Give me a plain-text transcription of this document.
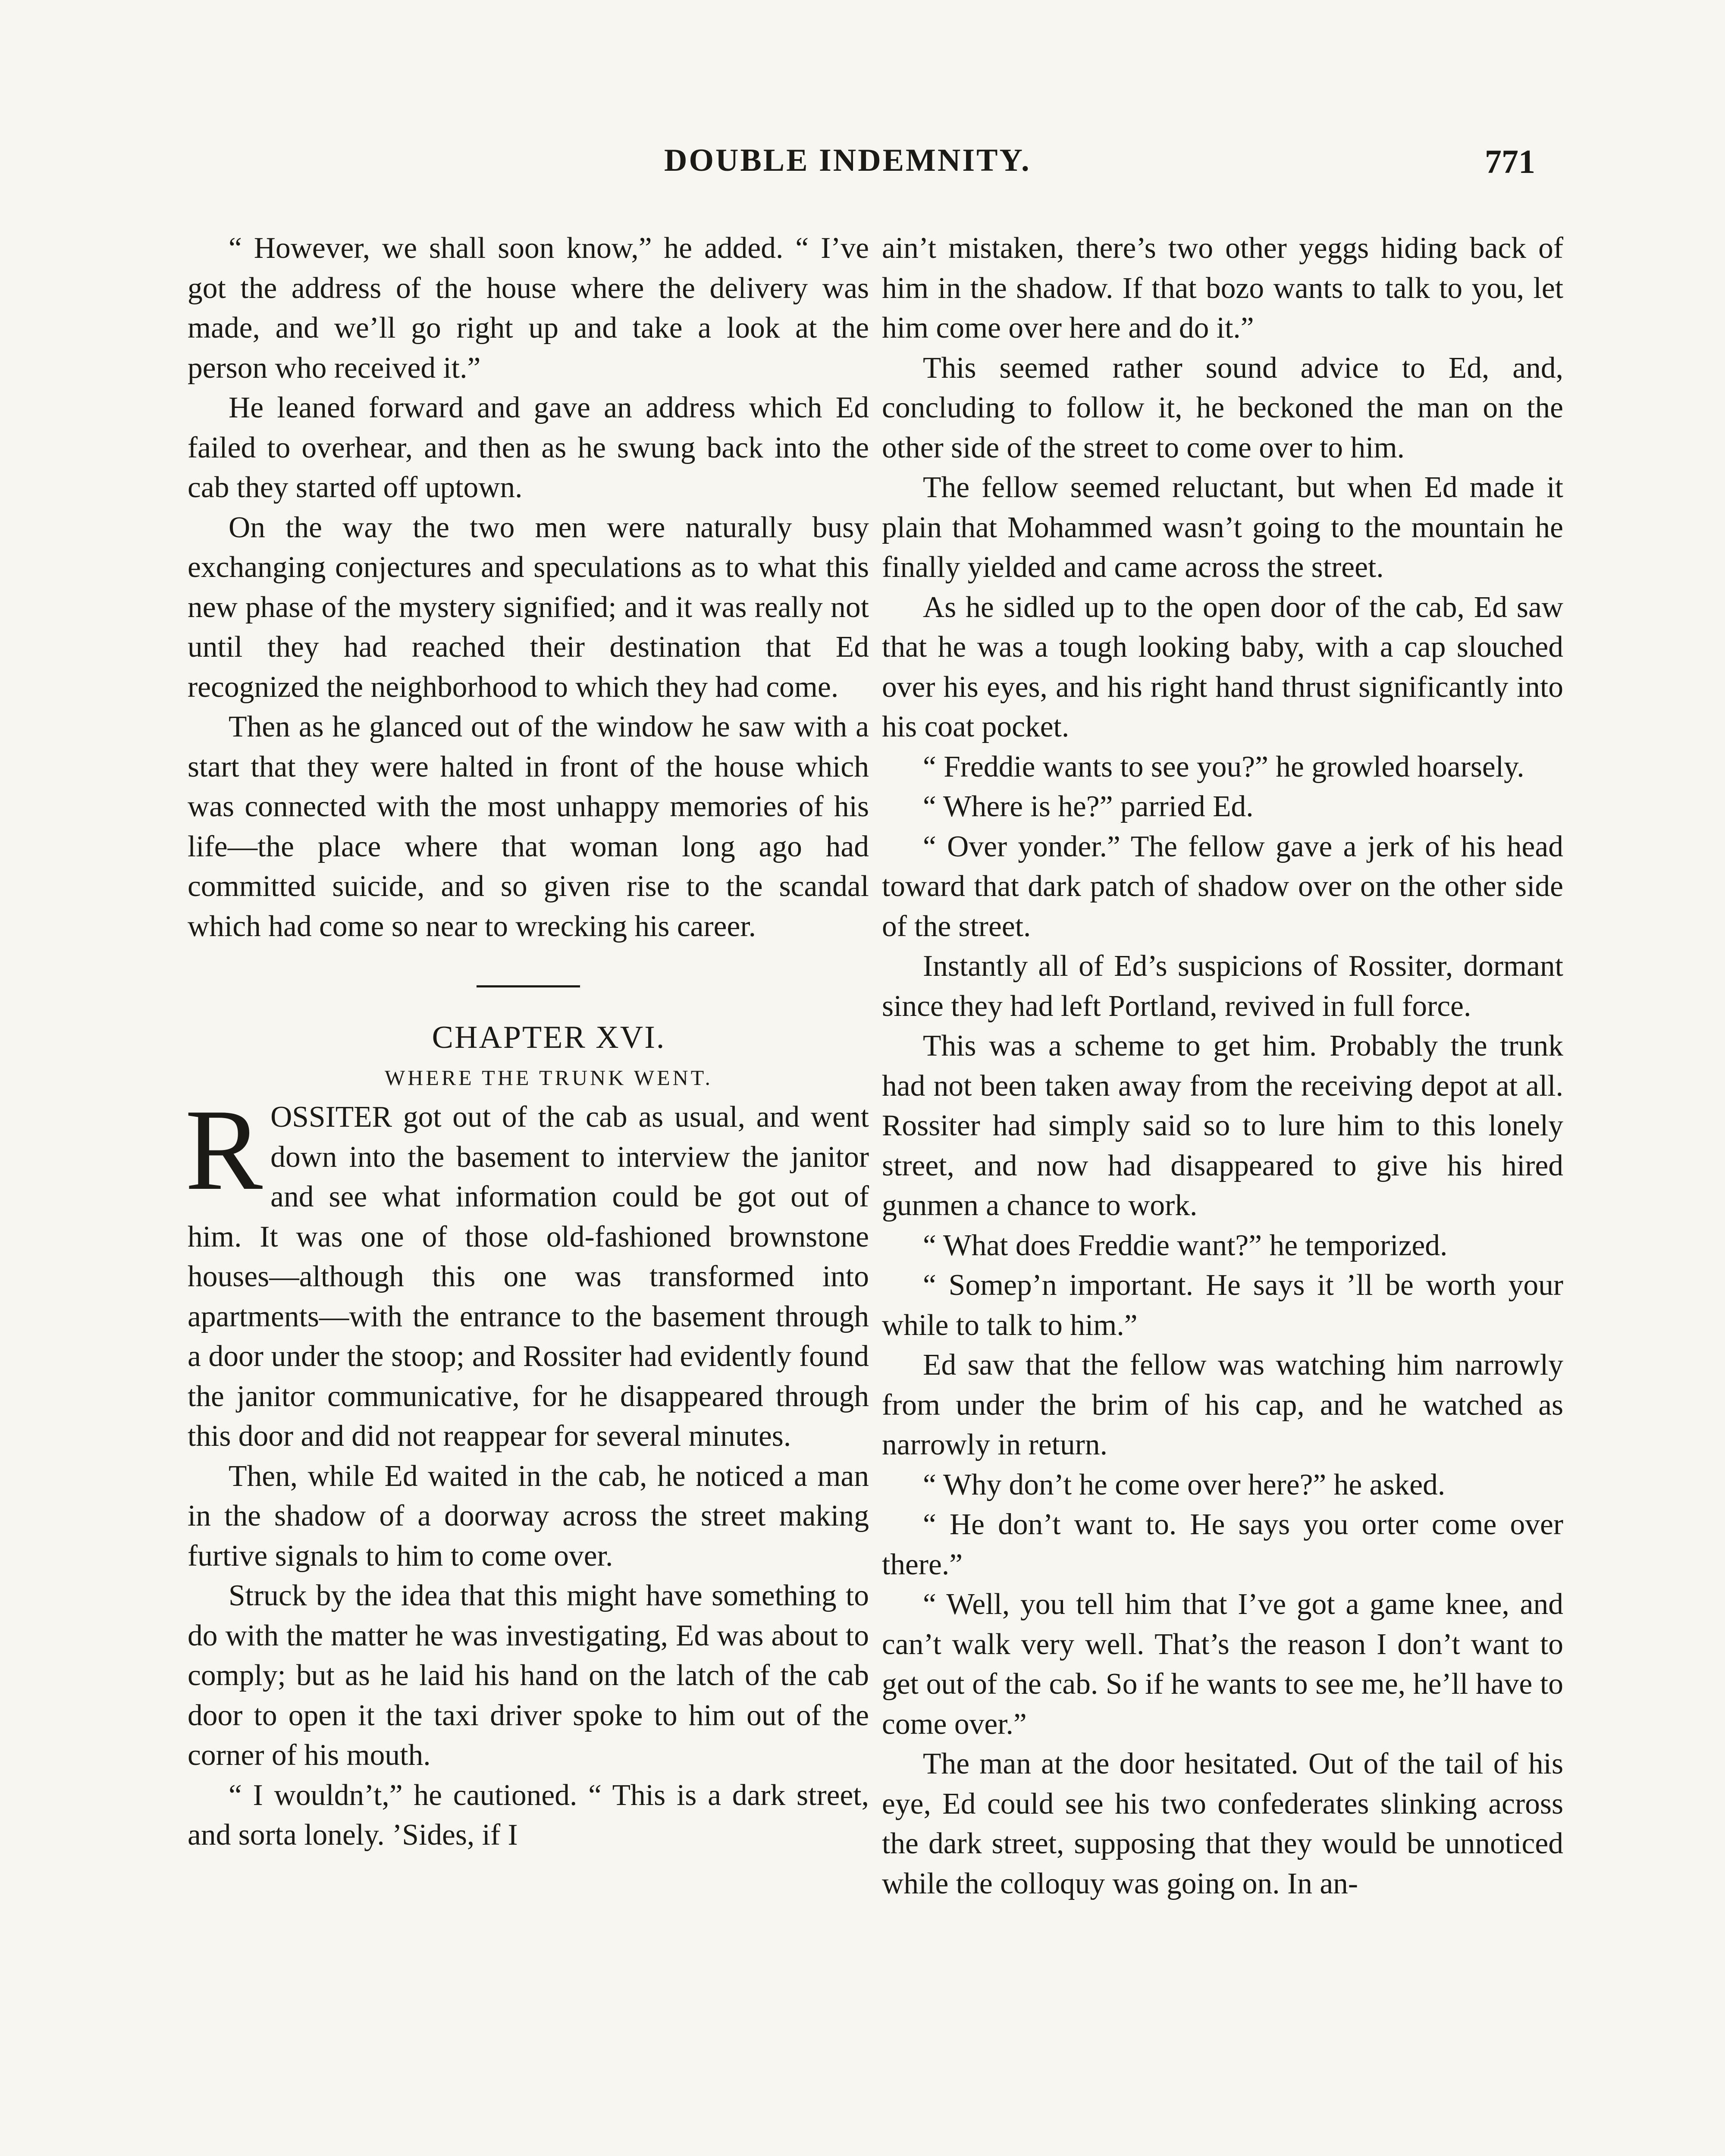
DOUBLE INDEMNITY.	771

“ However, we shall soon know,” he added. “ I’ve got the address of the house where the delivery was made, and we’ll go right up and take a look at the person who received it.”

He leaned forward and gave an address which Ed failed to overhear, and then as he swung back into the cab they started off uptown.

On the way the two men were naturally busy exchanging conjectures and speculations as to what this new phase of the mystery signified; and it was really not until they had reached their destination that Ed recognized the neighborhood to which they had come.

Then as he glanced out of the window he saw with a start that they were halted in front of the house which was connected with the most unhappy memories of his life—the place where that woman long ago had committed suicide, and so given rise to the scandal which had come so near to wrecking his career.

CHAPTER XVI.

WHERE THE TRUNK WENT.

ROSSITER got out of the cab as usual, and went down into the basement to interview the janitor and see what information could be got out of him. It was one of those old-fashioned brownstone houses—although this one was transformed into apartments—with the entrance to the basement through a door under the stoop; and Rossiter had evidently found the janitor communicative, for he disappeared through this door and did not reappear for several minutes.

Then, while Ed waited in the cab, he noticed a man in the shadow of a doorway across the street making furtive signals to him to come over.

Struck by the idea that this might have something to do with the matter he was investigating, Ed was about to comply; but as he laid his hand on the latch of the cab door to open it the taxi driver spoke to him out of the corner of his mouth.

“ I wouldn’t,” he cautioned. “ This is a dark street, and sorta lonely. ’Sides, if I

ain’t mistaken, there’s two other yeggs hiding back of him in the shadow. If that bozo wants to talk to you, let him come over here and do it.”

This seemed rather sound advice to Ed, and, concluding to follow it, he beckoned the man on the other side of the street to come over to him.

The fellow seemed reluctant, but when Ed made it plain that Mohammed wasn’t going to the mountain he finally yielded and came across the street.

As he sidled up to the open door of the cab, Ed saw that he was a tough looking baby, with a cap slouched over his eyes, and his right hand thrust significantly into his coat pocket.

“ Freddie wants to see you?” he growled hoarsely.

“ Where is he?” parried Ed.

“ Over yonder.” The fellow gave a jerk of his head toward that dark patch of shadow over on the other side of the street.

Instantly all of Ed’s suspicions of Rossiter, dormant since they had left Portland, revived in full force.

This was a scheme to get him. Probably the trunk had not been taken away from the receiving depot at all. Rossiter had simply said so to lure him to this lonely street, and now had disappeared to give his hired gunmen a chance to work.

“ What does Freddie want?” he temporized.

“ Somep’n important. He says it ’ll be worth your while to talk to him.”

Ed saw that the fellow was watching him narrowly from under the brim of his cap, and he watched as narrowly in return.

“ Why don’t he come over here?” he asked.

“ He don’t want to. He says you orter come over there.”

“ Well, you tell him that I’ve got a game knee, and can’t walk very well. That’s the reason I don’t want to get out of the cab. So if he wants to see me, he’ll have to come over.”

The man at the door hesitated. Out of the tail of his eye, Ed could see his two confederates slinking across the dark street, supposing that they would be unnoticed while the colloquy was going on. In an-
